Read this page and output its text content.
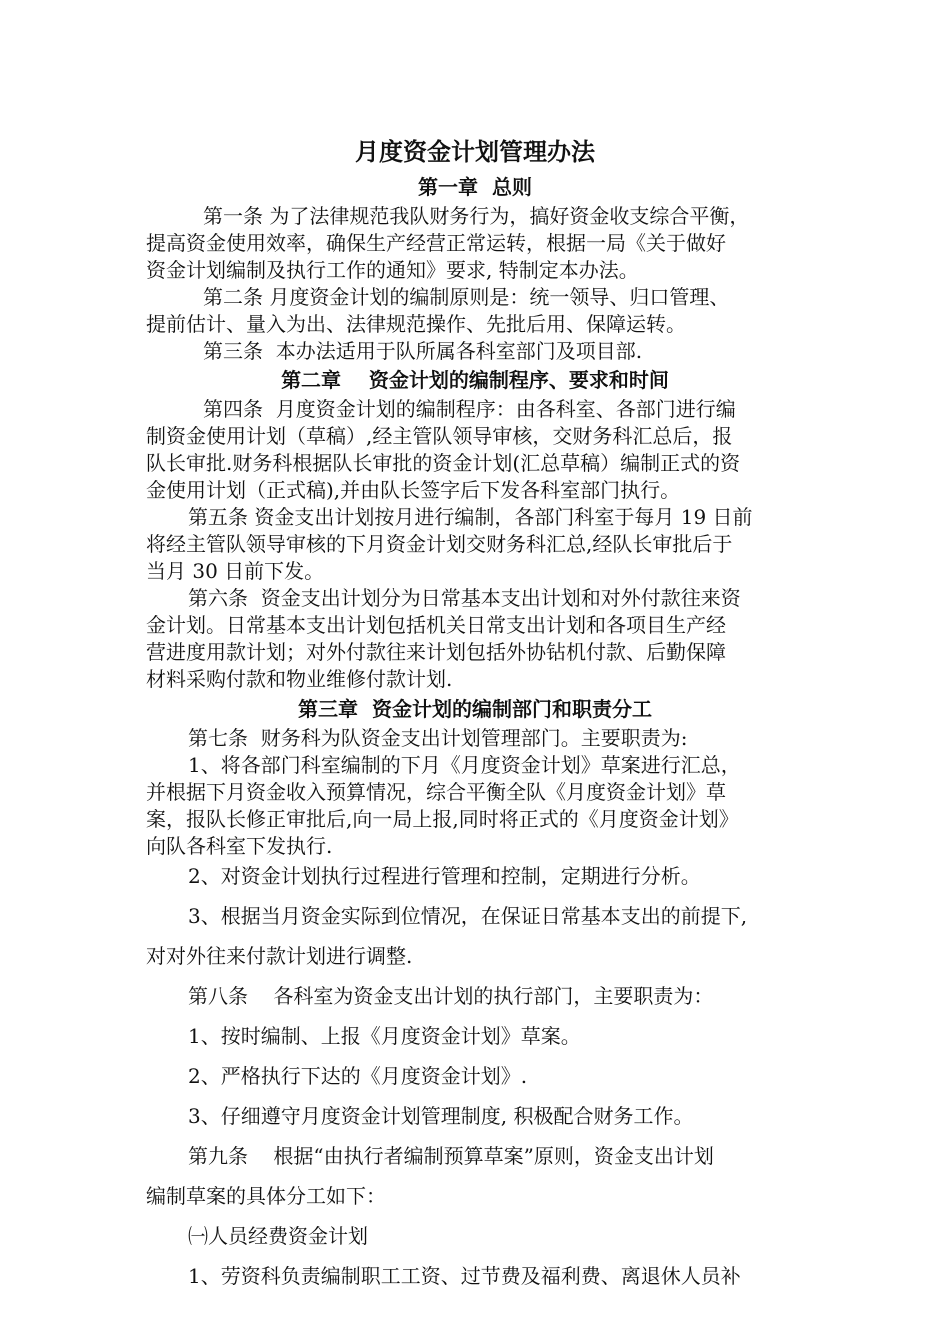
月度资金计划管理办法
第一章  总则
第一条 为了法律规范我队财务行为，搞好资金收支综合平衡，
提高资金使用效率，确保生产经营正常运转，根据一局《关于做好
资金计划编制及执行工作的通知》要求, 特制定本办法。
第二条 月度资金计划的编制原则是：统一领导、归口管理、
提前估计、量入为出、法律规范操作、先批后用、保障运转。
第三条  本办法适用于队所属各科室部门及项目部.
第二章    资金计划的编制程序、要求和时间
第四条  月度资金计划的编制程序：由各科室、各部门进行编
制资金使用计划（草稿）,经主管队领导审核，交财务科汇总后，报
队长审批.财务科根据队长审批的资金计划(汇总草稿）编制正式的资
金使用计划（正式稿),并由队长签字后下发各科室部门执行。
第五条 资金支出计划按月进行编制，各部门科室于每月 19 日前
将经主管队领导审核的下月资金计划交财务科汇总,经队长审批后于
当月 30 日前下发。
第六条  资金支出计划分为日常基本支出计划和对外付款往来资
金计划。日常基本支出计划包括机关日常支出计划和各项目生产经
营进度用款计划；对外付款往来计划包括外协钻机付款、后勤保障
材料采购付款和物业维修付款计划.
第三章  资金计划的编制部门和职责分工
第七条  财务科为队资金支出计划管理部门。主要职责为:
1、将各部门科室编制的下月《月度资金计划》草案进行汇总，
并根据下月资金收入预算情况，综合平衡全队《月度资金计划》草
案，报队长修正审批后,向一局上报,同时将正式的《月度资金计划》
向队各科室下发执行.
2、对资金计划执行过程进行管理和控制，定期进行分析。
3、根据当月资金实际到位情况，在保证日常基本支出的前提下,
对对外往来付款计划进行调整.
第八条    各科室为资金支出计划的执行部门，主要职责为：
1、按时编制、上报《月度资金计划》草案。
2、严格执行下达的《月度资金计划》.
3、仔细遵守月度资金计划管理制度, 积极配合财务工作。
第九条    根据“由执行者编制预算草案”原则，资金支出计划
编制草案的具体分工如下：
㈠人员经费资金计划
1、劳资科负责编制职工工资、过节费及福利费、离退休人员补
